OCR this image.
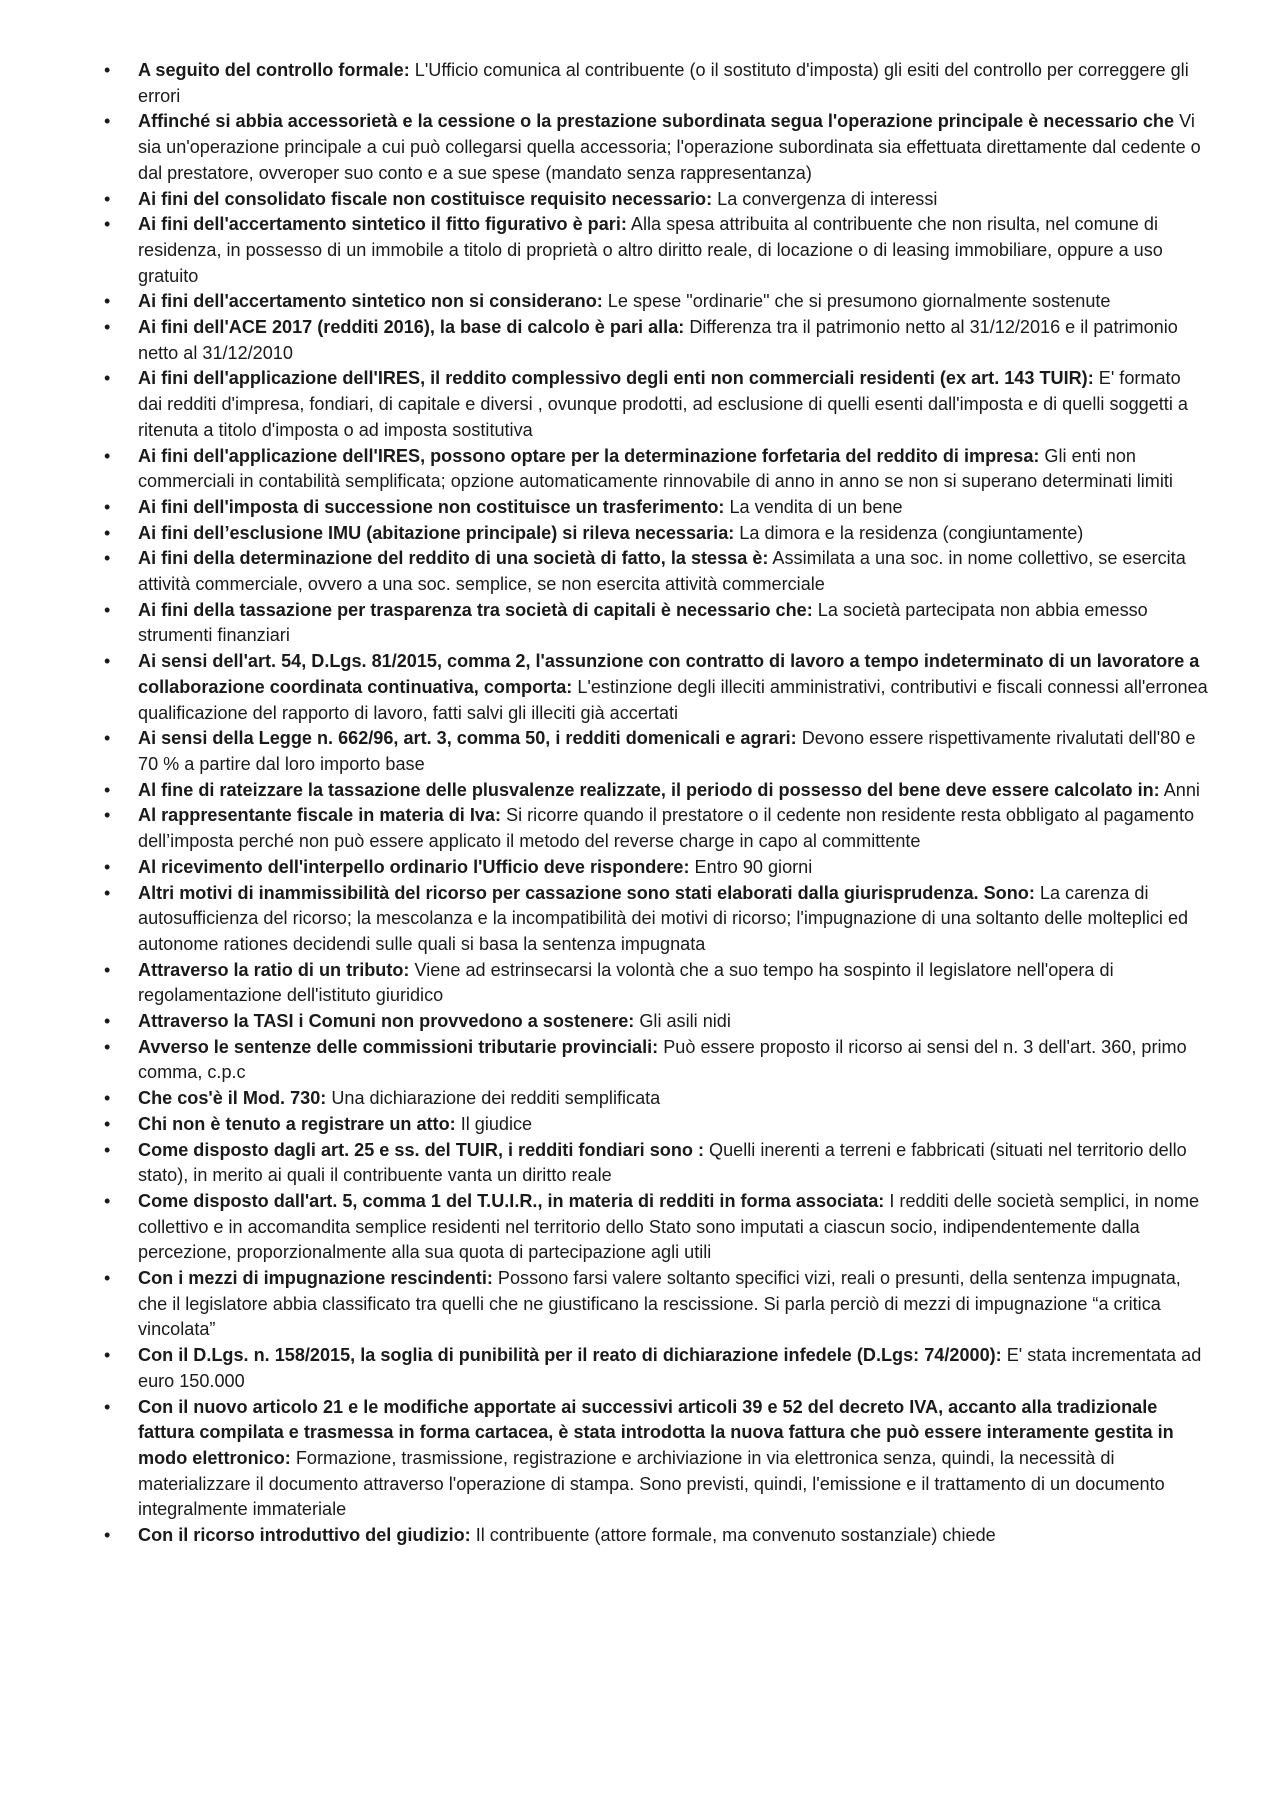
•	A seguito del controllo formale: L'Ufficio comunica al contribuente (o il sostituto d'imposta) gli esiti del controllo per correggere gli errori
•	Affinché si abbia accessorietà e la cessione o la prestazione subordinata segua l'operazione principale è necessario che Vi sia un'operazione principale a cui può collegarsi quella accessoria; l'operazione subordinata sia effettuata direttamente dal cedente o dal prestatore, ovveroper suo conto e a sue spese (mandato senza rappresentanza)
•	Ai fini del consolidato fiscale non costituisce requisito necessario: La convergenza di interessi
•	Ai fini dell'accertamento sintetico il fitto figurativo è pari: Alla spesa attribuita al contribuente che non risulta, nel comune di residenza, in possesso di un immobile a titolo di proprietà o altro diritto reale, di locazione o di leasing immobiliare, oppure a uso gratuito
•	Ai fini dell'accertamento sintetico non si considerano: Le spese "ordinarie" che si presumono giornalmente sostenute
•	Ai fini dell'ACE 2017 (redditi 2016), la base di calcolo è pari alla: Differenza tra il patrimonio netto al 31/12/2016 e il patrimonio netto al 31/12/2010
•	Ai fini dell'applicazione dell'IRES, il reddito complessivo degli enti non commerciali residenti (ex art. 143 TUIR): E' formato dai redditi d'impresa, fondiari, di capitale e diversi , ovunque prodotti, ad esclusione di quelli esenti dall'imposta e di quelli soggetti a ritenuta a titolo d'imposta o ad imposta sostitutiva
•	Ai fini dell'applicazione dell'IRES, possono optare per la determinazione forfetaria del reddito di impresa: Gli enti non commerciali in contabilità semplificata; opzione automaticamente rinnovabile di anno in anno se non si superano determinati limiti
•	Ai fini dell'imposta di successione non costituisce un trasferimento: La vendita di un bene
•	Ai fini dell’esclusione IMU (abitazione principale) si rileva necessaria: La dimora e la residenza (congiuntamente)
•	Ai fini della determinazione del reddito di una società di fatto, la stessa è: Assimilata a una soc. in nome collettivo, se esercita attività commerciale, ovvero a una soc. semplice, se non esercita attività commerciale
•	Ai fini della tassazione per trasparenza tra società di capitali è necessario che: La società partecipata non abbia emesso strumenti finanziari
•	Ai sensi dell'art. 54, D.Lgs. 81/2015, comma 2, l'assunzione con contratto di lavoro a tempo indeterminato di un lavoratore a collaborazione coordinata continuativa, comporta: L'estinzione degli illeciti amministrativi, contributivi e fiscali connessi all'erronea qualificazione del rapporto di lavoro, fatti salvi gli illeciti già accertati
•	Ai sensi della Legge n. 662/96, art. 3, comma 50, i redditi domenicali e agrari: Devono essere rispettivamente rivalutati dell'80 e 70 % a partire dal loro importo base
•	Al fine di rateizzare la tassazione delle plusvalenze realizzate, il periodo di possesso del bene deve essere calcolato in: Anni
•	Al rappresentante fiscale in materia di Iva: Si ricorre quando il prestatore o il cedente non residente resta obbligato al pagamento dell’imposta perché non può essere applicato il metodo del reverse charge in capo al committente
•	Al ricevimento dell'interpello ordinario l'Ufficio deve rispondere: Entro 90 giorni
•	Altri motivi di inammissibilità del ricorso per cassazione sono stati elaborati dalla giurisprudenza. Sono: La carenza di autosufficienza del ricorso; la mescolanza e la incompatibilità dei motivi di ricorso; l'impugnazione di una soltanto delle molteplici ed autonome rationes decidendi sulle quali si basa la sentenza impugnata
•	Attraverso la ratio di un tributo: Viene ad estrinsecarsi la volontà che a suo tempo ha sospinto il legislatore nell'opera di regolamentazione dell'istituto giuridico
•	Attraverso la TASI i Comuni non provvedono a sostenere: Gli asili nidi
•	Avverso le sentenze delle commissioni tributarie provinciali: Può essere proposto il ricorso ai sensi del n. 3 dell'art. 360, primo comma, c.p.c
•	Che cos'è il Mod. 730: Una dichiarazione dei redditi semplificata
•	Chi non è tenuto a registrare un atto: Il giudice
•	Come disposto dagli art. 25 e ss. del TUIR, i redditi fondiari sono : Quelli inerenti a terreni e fabbricati (situati nel territorio dello stato), in merito ai quali il contribuente vanta un diritto reale
•	Come disposto dall'art. 5, comma 1 del T.U.I.R., in materia di redditi in forma associata: I redditi delle società semplici, in nome collettivo e in accomandita semplice residenti nel territorio dello Stato sono imputati a ciascun socio, indipendentemente dalla percezione, proporzionalmente alla sua quota di partecipazione agli utili
•	Con i mezzi di impugnazione rescindenti: Possono farsi valere soltanto specifici vizi, reali o presunti, della sentenza impugnata, che il legislatore abbia classificato tra quelli che ne giustificano la rescissione. Si parla perciò di mezzi di impugnazione “a critica vincolata”
•	Con il D.Lgs. n. 158/2015, la soglia di punibilità per il reato di dichiarazione infedele (D.Lgs: 74/2000): E' stata incrementata ad euro 150.000
•	Con il nuovo articolo 21 e le modifiche apportate ai successivi articoli 39 e 52 del decreto IVA, accanto alla tradizionale fattura compilata e trasmessa in forma cartacea, è stata introdotta la nuova fattura che può essere interamente gestita in modo elettronico: Formazione, trasmissione, registrazione e archiviazione in via elettronica senza, quindi, la necessità di materializzare il documento attraverso l'operazione di stampa. Sono previsti, quindi, l'emissione e il trattamento di un documento integralmente immateriale
•	Con il ricorso introduttivo del giudizio: Il contribuente (attore formale, ma convenuto sostanziale) chiede
